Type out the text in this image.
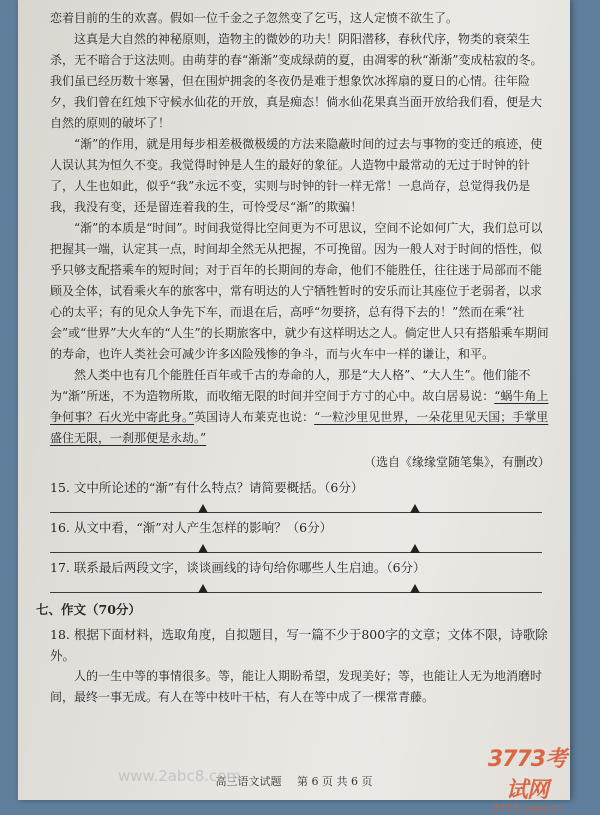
恋着目前的生的欢喜。假如一位千金之子忽然变了乞丐，这人定愤不欲生了。

这真是大自然的神秘原则，造物主的微妙的功夫！阴阳潜移，春秋代序，物类的衰荣生杀，无不暗合于这法则。由萌芽的春“渐渐”变成绿荫的夏，由凋零的秋“渐渐”变成枯寂的冬。我们虽已经历数十寒暑，但在围炉拥衾的冬夜仍是难于想象饮冰挥扇的夏日的心情。往年险夕，我们曾在红烛下守候水仙花的开放，真是痴态！倘水仙花果真当面开放给我们看，便是大自然的原则的破坏了！

“渐”的作用，就是用每步相差极微极缓的方法来隐蔽时间的过去与事物的变迁的痕迹，使人误认其为恒久不变。我觉得时钟是人生的最好的象征。人造物中最常动的无过于时钟的针了，人生也如此，似乎“我”永远不变，实则与时钟的针一样无常！一息尚存，总觉得我仍是我，我没有变，还是留连着我的生，可怜受尽“渐”的欺骗！

“渐”的本质是“时间”。时间我觉得比空间更为不可思议，空间不论如何广大，我们总可以把握其一端，认定其一点，时间却全然无从把握，不可挽留。因为一般人对于时间的悟性，似乎只够支配搭乘车的短时间；对于百年的长期间的寿命，他们不能胜任，往往迷于局部而不能顾及全体，试看乘火车的旅客中，常有明达的人宁牺牲暂时的安乐而让其座位于老弱者，以求心的太平；有的见众人争先下车，而退在后，高呼“勿要挤，总有得下去的！”然而在乘“社会”或“世界”大火车的“人生”的长期旅客中，就少有这样明达之人。倘定世人只有搭船乘车期间的寿命，也许人类社会可减少许多凶险残惨的争斗，而与火车中一样的谦让，和平。

然人类中也有几个能胜任百年或千古的寿命的人，那是“大人格”、“大人生”。他们能不为“渐”所迷，不为造物所欺，而收缩无限的时间并空间于方寸的心中。故白居易说：“蜗牛角上争何事？石火光中寄此身。”英国诗人布莱克也说：“一粒沙里见世界，一朵花里见天国；手掌里盛住无限，一刹那便是永劫。”

（选自《缘缘堂随笔集》，有删改）
15. 文中所论述的“渐”有什么特点？请简要概括。（6分）
16. 从文中看，“渐”对人产生怎样的影响？（6分）
17. 联系最后两段文字，谈谈画线的诗句给你哪些人生启迪。（6分）
七、作文（70分）
18. 根据下面材料，选取角度，自拟题目，写一篇不少于800字的文章；文体不限，诗歌除外。

人的一生中等的事情很多。等，能让人期盼希望，发现美好；等，也能让人无为地消磨时间，最终一事无成。有人在等中枝叶干枯，有人在等中成了一棵常青藤。

高三语文试题 第 6 页 共 6 页
www.2abc8.com
3773考试网
3773.com.cn
